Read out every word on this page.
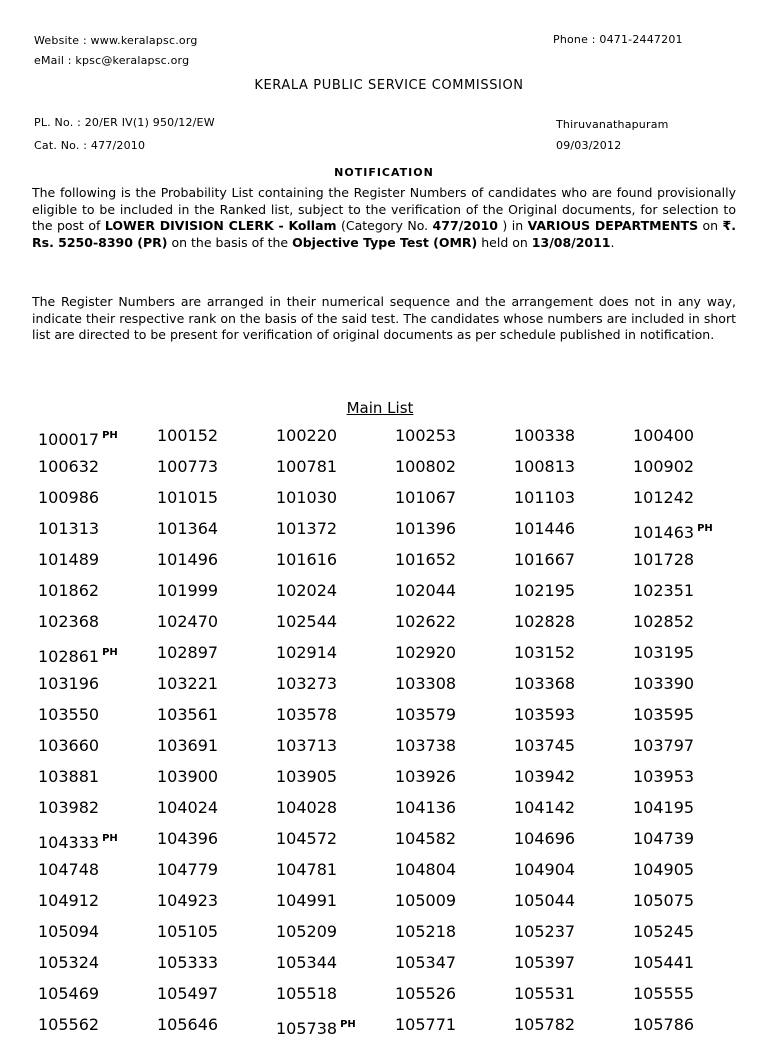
Website : www.keralapsc.org
eMail : kpsc@keralapsc.org
Phone : 0471-2447201
KERALA PUBLIC SERVICE COMMISSION
PL. No. : 20/ER IV(1) 950/12/EW
Cat. No. : 477/2010
Thiruvanathapuram
09/03/2012
NOTIFICATION
The following is the Probability List containing the Register Numbers of candidates who are found provisionally eligible to be included in the Ranked list, subject to the verification of the Original documents, for selection to the post of LOWER DIVISION CLERK - Kollam (Category No. 477/2010 ) in VARIOUS DEPARTMENTS on ₹. Rs. 5250-8390 (PR) on the basis of the Objective Type Test (OMR) held on 13/08/2011.
The Register Numbers are arranged in their numerical sequence and the arrangement does not in any way, indicate their respective rank on the basis of the said test. The candidates whose numbers are included in short list are directed to be present for verification of original documents as per schedule published in notification.
Main List
100017 $^{PH}$	100152	100220	100253	100338	100400
100632	100773	100781	100802	100813	100902
100986	101015	101030	101067	101103	101242
101313	101364	101372	101396	101446	101463 $^{PH}$
101489	101496	101616	101652	101667	101728
101862	101999	102024	102044	102195	102351
102368	102470	102544	102622	102828	102852
102861 $^{PH}$	102897	102914	102920	103152	103195
103196	103221	103273	103308	103368	103390
103550	103561	103578	103579	103593	103595
103660	103691	103713	103738	103745	103797
103881	103900	103905	103926	103942	103953
103982	104024	104028	104136	104142	104195
104333 $^{PH}$	104396	104572	104582	104696	104739
104748	104779	104781	104804	104904	104905
104912	104923	104991	105009	105044	105075
105094	105105	105209	105218	105237	105245
105324	105333	105344	105347	105397	105441
105469	105497	105518	105526	105531	105555
105562	105646	105738 $^{PH}$	105771	105782	105786
